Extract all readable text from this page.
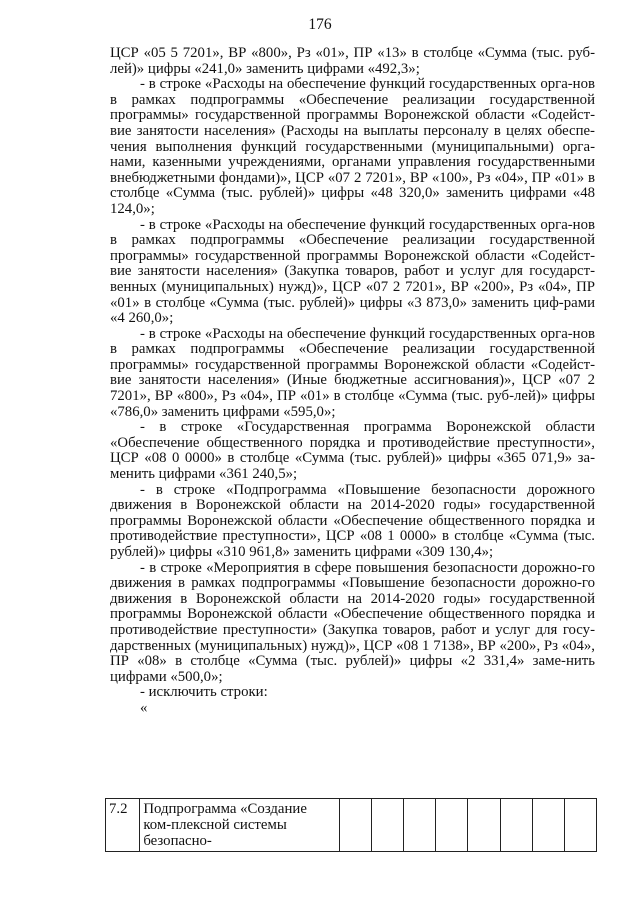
176

ЦСР «05 5 7201», ВР «800», Рз «01», ПР «13» в столбце «Сумма (тыс. руб-лей)» цифры «241,0» заменить цифрами «492,3»;

- в строке «Расходы на обеспечение функций государственных орга-нов в рамках подпрограммы «Обеспечение реализации государственной программы» государственной программы Воронежской области «Содейст-вие занятости населения» (Расходы на выплаты персоналу в целях обеспе-чения выполнения функций государственными (муниципальными) орга-нами, казенными учреждениями, органами управления государственными внебюджетными фондами)», ЦСР «07 2 7201», ВР «100», Рз «04», ПР «01» в столбце «Сумма (тыс. рублей)» цифры «48 320,0» заменить цифрами «48 124,0»;

- в строке «Расходы на обеспечение функций государственных орга-нов в рамках подпрограммы «Обеспечение реализации государственной программы» государственной программы Воронежской области «Содейст-вие занятости населения» (Закупка товаров, работ и услуг для государст-венных (муниципальных) нужд)», ЦСР «07 2 7201», ВР «200», Рз «04», ПР «01» в столбце «Сумма (тыс. рублей)» цифры «3 873,0» заменить циф-рами «4 260,0»;

- в строке «Расходы на обеспечение функций государственных орга-нов в рамках подпрограммы «Обеспечение реализации государственной программы» государственной программы Воронежской области «Содейст-вие занятости населения» (Иные бюджетные ассигнования)», ЦСР «07 2 7201», ВР «800», Рз «04», ПР «01» в столбце «Сумма (тыс. руб-лей)» цифры «786,0» заменить цифрами «595,0»;

- в строке «Государственная программа Воронежской области «Обеспечение общественного порядка и противодействие преступности», ЦСР «08 0 0000» в столбце «Сумма (тыс. рублей)» цифры «365 071,9» за-менить цифрами «361 240,5»;

- в строке «Подпрограмма «Повышение безопасности дорожного движения в Воронежской области на 2014-2020 годы» государственной программы Воронежской области «Обеспечение общественного порядка и противодействие преступности», ЦСР «08 1 0000» в столбце «Сумма (тыс. рублей)» цифры «310 961,8» заменить цифрами «309 130,4»;

- в строке «Мероприятия в сфере повышения безопасности дорожно-го движения в рамках подпрограммы «Повышение безопасности дорожно-го движения в Воронежской области на 2014-2020 годы» государственной программы Воронежской области «Обеспечение общественного порядка и противодействие преступности» (Закупка товаров, работ и услуг для госу-дарственных (муниципальных) нужд)», ЦСР «08 1 7138», ВР «200», Рз «04», ПР «08» в столбце «Сумма (тыс. рублей)» цифры «2 331,4» замe-нить цифрами «500,0»;

- исключить строки:

«

7.2	Подпрограмма «Создание ком-плексной системы безопасно-								
